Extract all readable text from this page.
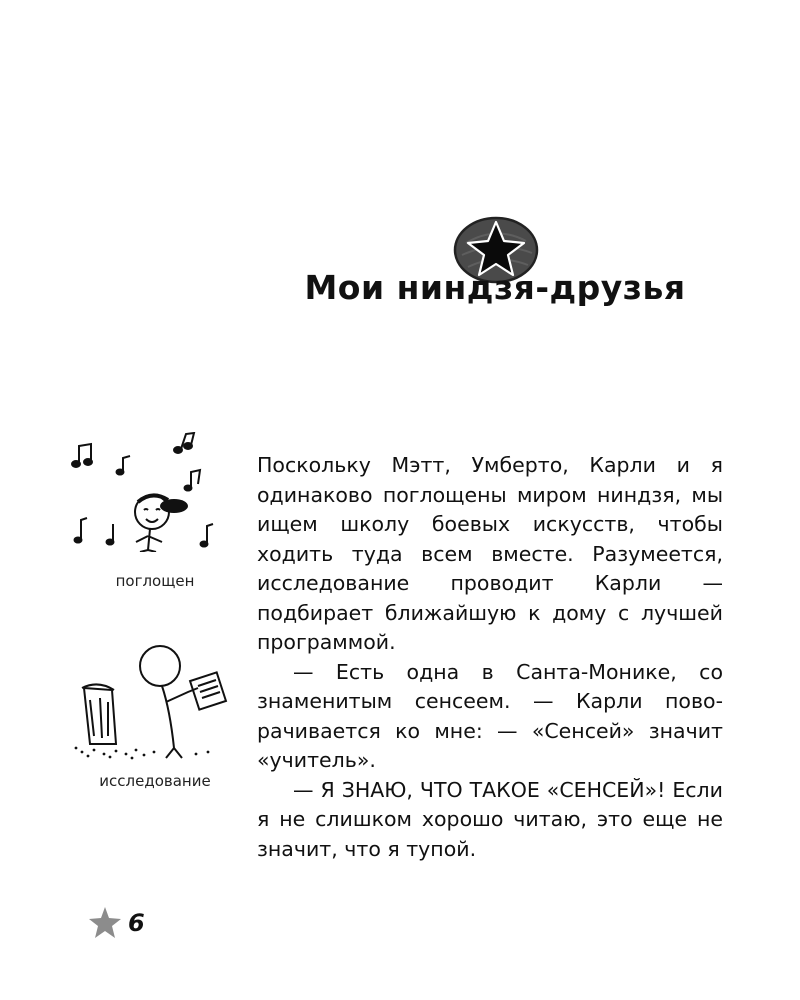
Мои ниндзя-друзья

поглощен

исследование

Поскольку Мэтт, Умберто, Карли и я одинаково поглощены миром ниндзя, мы ищем школу боевых искусств, чтобы ходить туда всем вместе. Разумеется, исследование проводит Карли — подбирает ближайшую к дому с лучшей программой.

— Есть одна в Санта-Монике, со знаменитым сенсеем. — Карли поворачивается ко мне: — «Сенсей» значит «учитель».

— Я ЗНАЮ, ЧТО ТАКОЕ «СЕНСЕЙ»! Если я не слишком хорошо читаю, это еще не значит, что я тупой.

6
